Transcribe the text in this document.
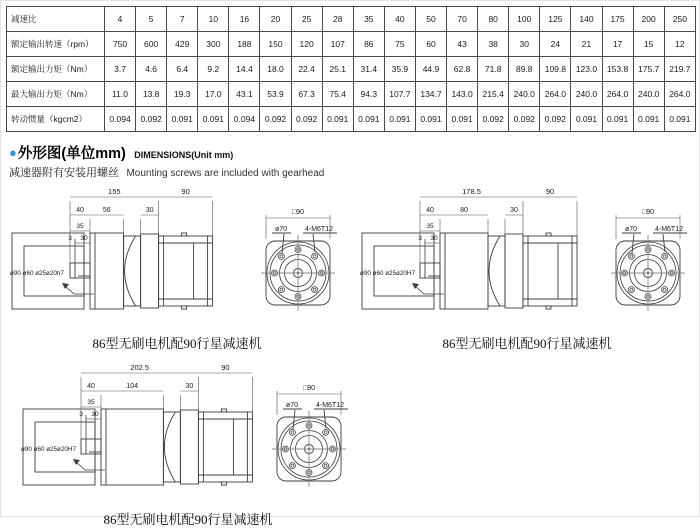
减速比	4	5	7	10	16	20	25	28	35	40	50	70	80	100	125	140	175	200	250
额定输出转速（rpm）	750	600	429	300	188	150	120	107	86	75	60	43	38	30	24	21	17	15	12
额定输出力矩（Nm）	3.7	4.6	6.4	9.2	14.4	18.0	22.4	25.1	31.4	35.9	44.9	62.8	71.8	89.8	109.8	123.0	153.8	175.7	219.7
最大输出力矩（Nm）	11.0	13.8	19.3	17.0	43.1	53.9	67.3	75.4	94.3	107.7	134.7	143.0	215.4	240.0	264.0	240.0	264.0	240.0	264.0
转动惯量（kgcm2）	0.094	0.092	0.091	0.091	0.094	0.092	0.092	0.091	0.091	0.091	0.091	0.091	0.092	0.092	0.092	0.091	0.091	0.091	0.091
●外形图(单位mm) DIMENSIONS(Unit mm)
减速器附有安装用螺丝 Mounting screws are included with gearhead
ø90 ø60 ø25ø20h7
155	90
40	56	30
35
30
3
□90
ø70	4-M6T12
86型无刷电机配90行星减速机
ø90 ø60 ø25ø20H7
178.5	90
40	80	30
35
30
3
□90
ø70	4-M6T12
86型无刷电机配90行星减速机
ø90 ø60 ø25ø20H7
202.5	90
40	104	30
35
30
3
□90
ø70	4-M6T12
86型无刷电机配90行星减速机
